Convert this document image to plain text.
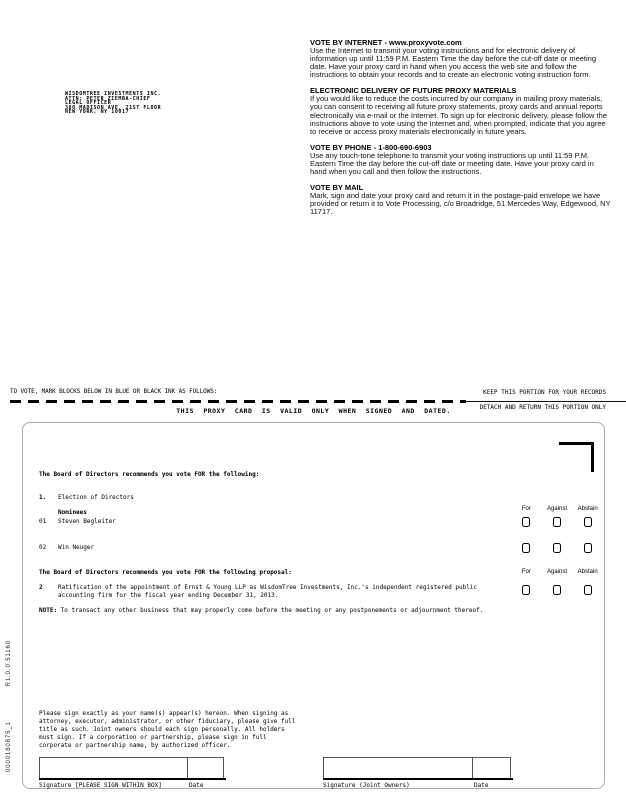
WISDOMTREE INVESTMENTS INC.
ATTN: PETER ZIEMBA-CHIEF
LEGAL OFFICER
380 MADISON AVE. 21ST FLOOR
NEW YORK, NY 10017
VOTE BY INTERNET - www.proxyvote.com
Use the Internet to transmit your voting instructions and for electronic delivery of information up until 11:59 P.M. Eastern Time the day before the cut-off date or meeting date. Have your proxy card in hand when you access the web site and follow the instructions to obtain your records and to create an electronic voting instruction form.
ELECTRONIC DELIVERY OF FUTURE PROXY MATERIALS
If you would like to reduce the costs incurred by our company in mailing proxy materials, you can consent to receiving all future proxy statements, proxy cards and annual reports electronically via e-mail or the Internet. To sign up for electronic delivery, please follow the instructions above to vote using the Internet and, when prompted, indicate that you agree to receive or access proxy materials electronically in future years.
VOTE BY PHONE - 1-800-690-6903
Use any touch-tone telephone to transmit your voting instructions up until 11:59 P.M. Eastern Time the day before the cut-off date or meeting date. Have your proxy card in hand when you call and then follow the instructions.
VOTE BY MAIL
Mark, sign and date your proxy card and return it in the postage-paid envelope we have provided or return it to Vote Processing, c/o Broadridge, 51 Mercedes Way, Edgewood, NY 11717.
TO VOTE, MARK BLOCKS BELOW IN BLUE OR BLACK INK AS FOLLOWS:	KEEP THIS PORTION FOR YOUR RECORDS
DETACH AND RETURN THIS PORTION ONLY
THIS PROXY CARD IS VALID ONLY WHEN SIGNED AND DATED.
The Board of Directors recommends you vote FOR the following:
1. Election of Directors
Nominees	For	Against	Abstain
01 Steven Begleiter
02 Win Neuger
The Board of Directors recommends you vote FOR the following proposal:	For	Against	Abstain
2	Ratification of the appointment of Ernst & Young LLP as WisdomTree Investments, Inc.'s independent registered public accounting firm for the fiscal year ending December 31, 2013.
NOTE: To transact any other business that may properly come before the meeting or any postponements or adjournment thereof.
Please sign exactly as your name(s) appear(s) hereon. When signing as attorney, executor, administrator, or other fiduciary, please give full title as such. Joint owners should each sign personally. All holders must sign. If a corporation or partnership, please sign in full corporate or partnership name, by authorized officer.
Signature [PLEASE SIGN WITHIN BOX]	Date	Signature (Joint Owners)	Date
0000180875_1
R1.0.0.51160
